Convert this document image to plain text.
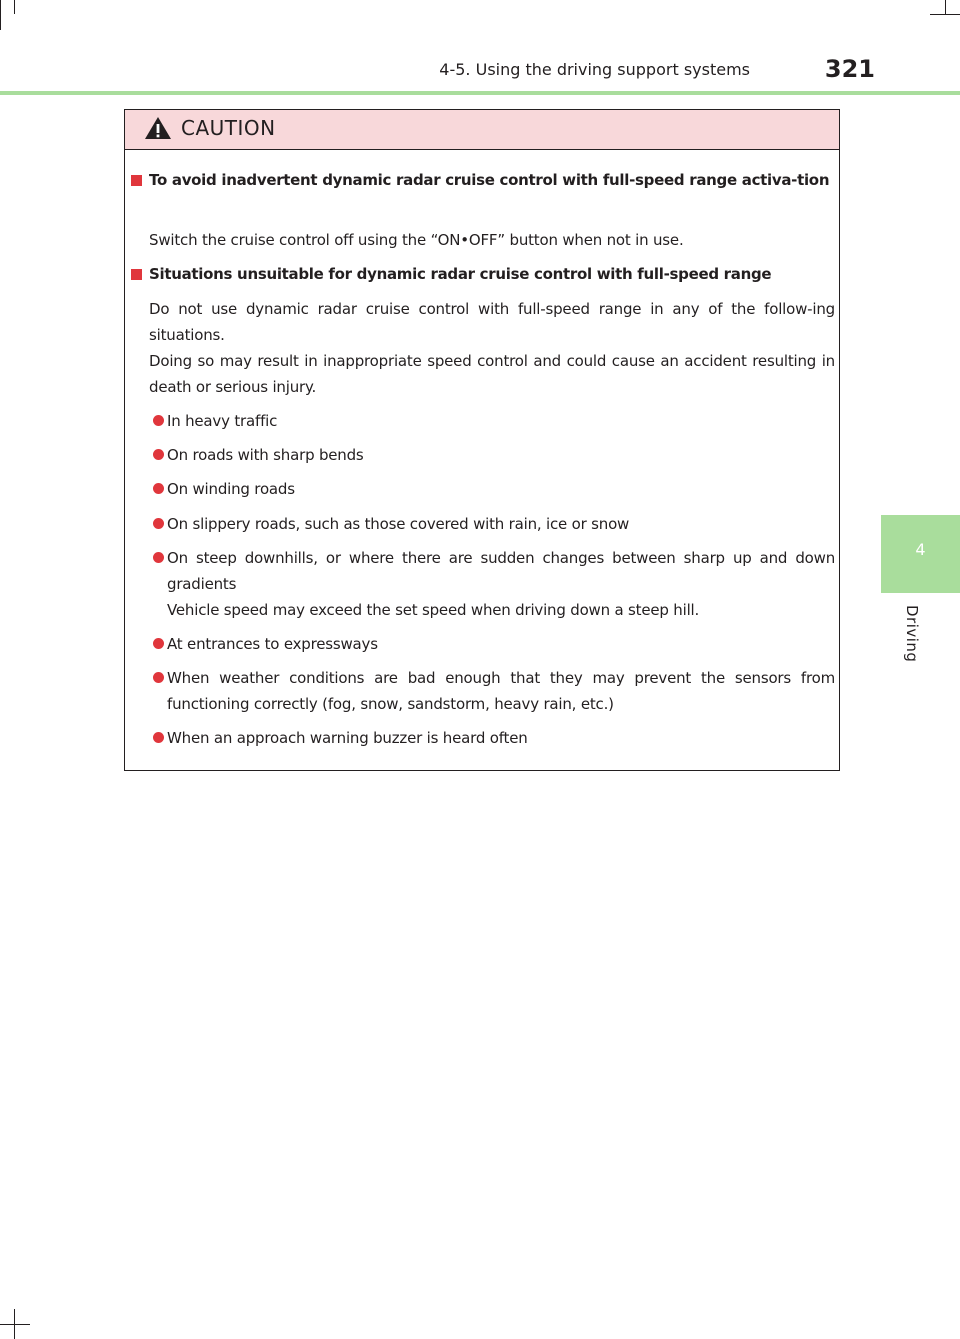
4-5. Using the driving support systems	321
4
Driving
CAUTION
To avoid inadvertent dynamic radar cruise control with full-speed range activa-tion
Switch the cruise control off using the “ON•OFF” button when not in use.
Situations unsuitable for dynamic radar cruise control with full-speed range
Do not use dynamic radar cruise control with full-speed range in any of the follow-ing situations.
Doing so may result in inappropriate speed control and could cause an accident resulting in death or serious injury.
In heavy traffic
On roads with sharp bends
On winding roads
On slippery roads, such as those covered with rain, ice or snow
On steep downhills, or where there are sudden changes between sharp up and down gradients
Vehicle speed may exceed the set speed when driving down a steep hill.
At entrances to expressways
When weather conditions are bad enough that they may prevent the sensors from functioning correctly (fog, snow, sandstorm, heavy rain, etc.)
When an approach warning buzzer is heard often
